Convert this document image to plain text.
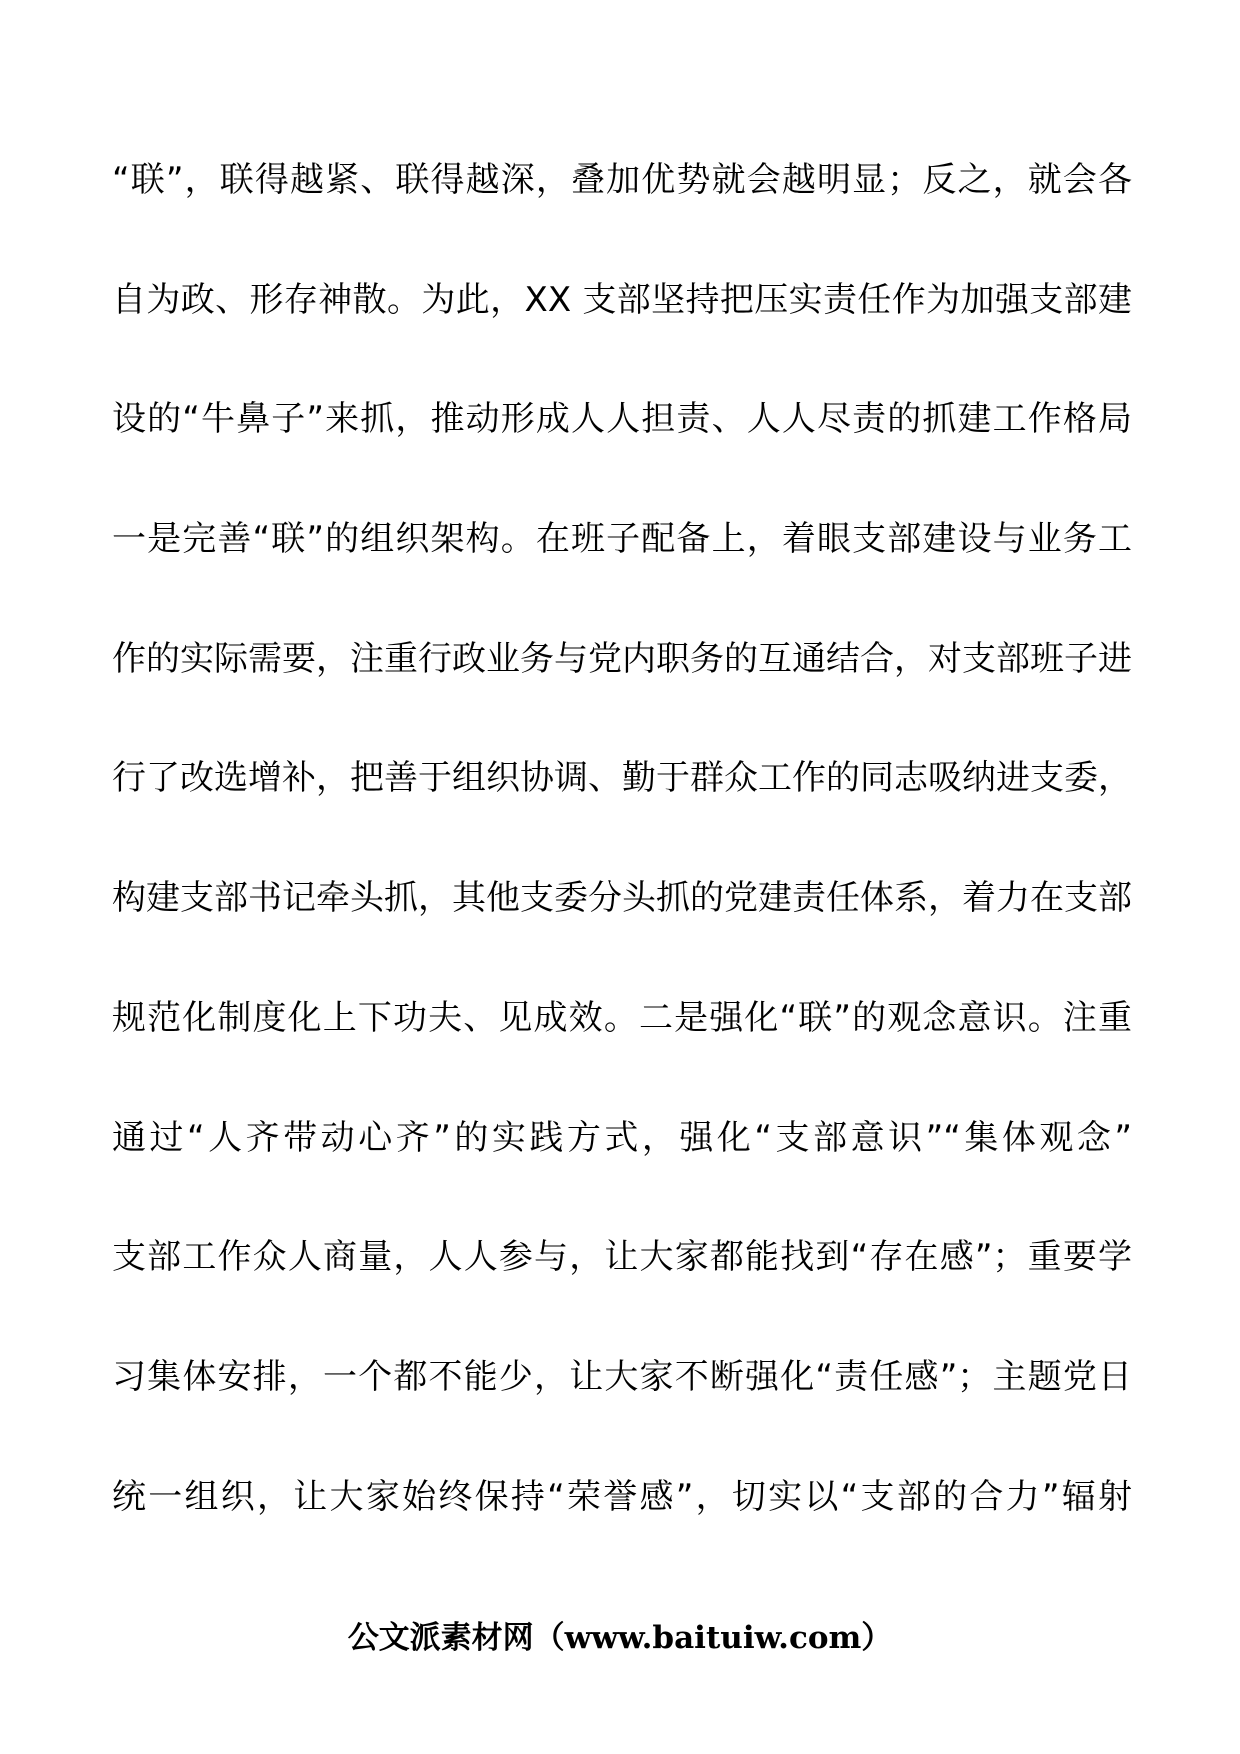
“联”，联得越紧、联得越深，叠加优势就会越明显；反之，就会各
自为政、形存神散。为此，XX 支部坚持把压实责任作为加强支部建
设的“牛鼻子”来抓，推动形成人人担责、人人尽责的抓建工作格局
一是完善“联”的组织架构。在班子配备上，着眼支部建设与业务工
作的实际需要，注重行政业务与党内职务的互通结合，对支部班子进
行了改选增补，把善于组织协调、勤于群众工作的同志吸纳进支委，
构建支部书记牵头抓，其他支委分头抓的党建责任体系，着力在支部
规范化制度化上下功夫、见成效。二是强化“联”的观念意识。注重
通过“人齐带动心齐”的实践方式，强化“支部意识”“集体观念”
支部工作众人商量，人人参与，让大家都能找到“存在感”；重要学
习集体安排，一个都不能少，让大家不断强化“责任感”；主题党日
统一组织，让大家始终保持“荣誉感”，切实以“支部的合力”辐射
公文派素材网（www.baituiw.com）
